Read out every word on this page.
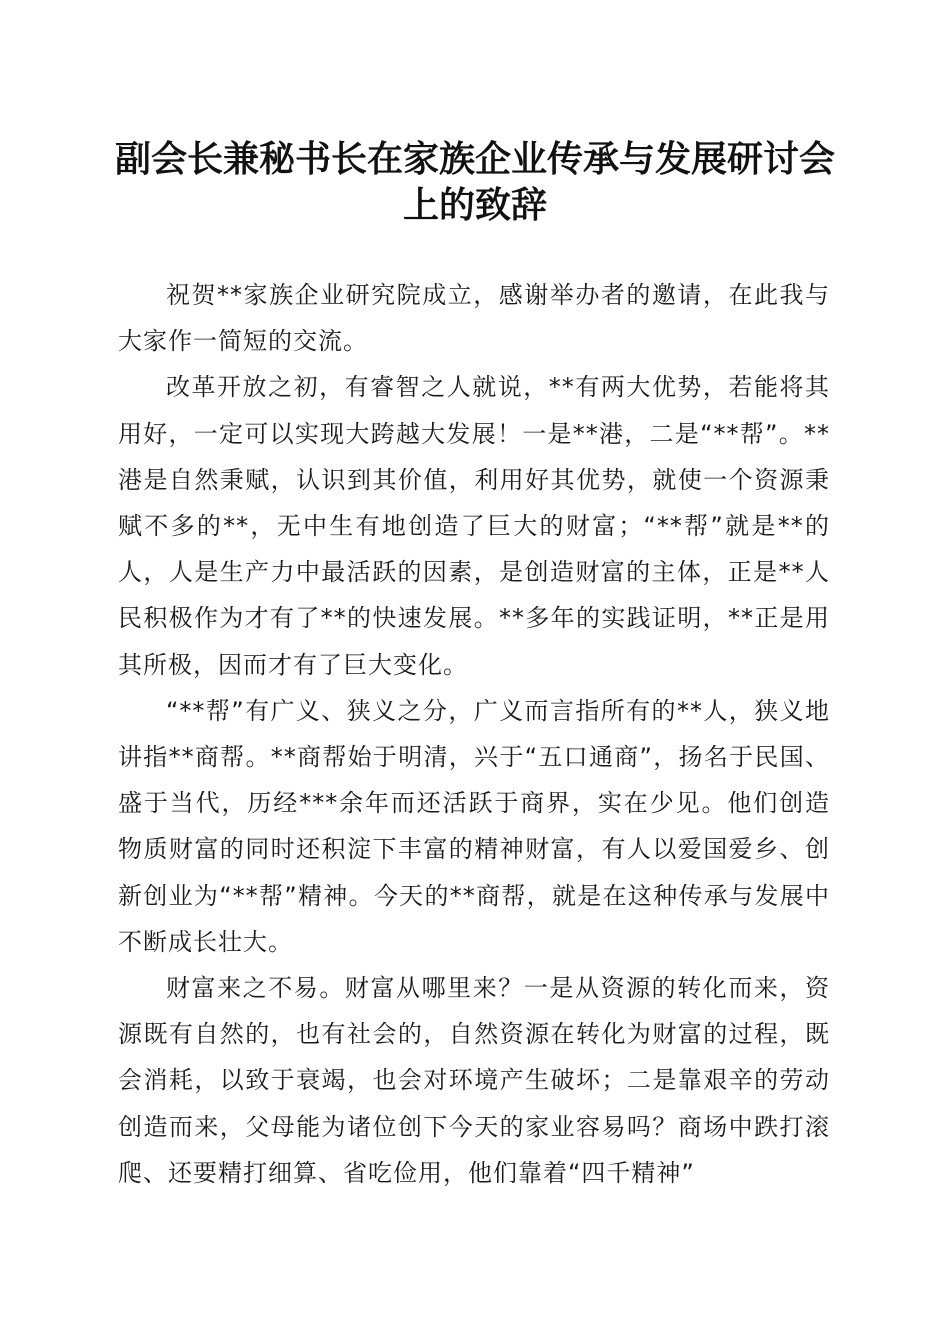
副会长兼秘书长在家族企业传承与发展研讨会上的致辞

祝贺**家族企业研究院成立，感谢举办者的邀请，在此我与大家作一简短的交流。

改革开放之初，有睿智之人就说，**有两大优势，若能将其用好，一定可以实现大跨越大发展！一是**港，二是“**帮”。**港是自然秉赋，认识到其价值，利用好其优势，就使一个资源秉赋不多的**，无中生有地创造了巨大的财富；“**帮”就是**的人，人是生产力中最活跃的因素，是创造财富的主体，正是**人民积极作为才有了**的快速发展。**多年的实践证明，**正是用其所极，因而才有了巨大变化。

“**帮”有广义、狭义之分，广义而言指所有的**人，狭义地讲指**商帮。**商帮始于明清，兴于“五口通商”，扬名于民国、盛于当代，历经***余年而还活跃于商界，实在少见。他们创造物质财富的同时还积淀下丰富的精神财富，有人以爱国爱乡、创新创业为“**帮”精神。今天的**商帮，就是在这种传承与发展中不断成长壮大。

财富来之不易。财富从哪里来？一是从资源的转化而来，资源既有自然的，也有社会的，自然资源在转化为财富的过程，既会消耗，以致于衰竭，也会对环境产生破坏；二是靠艰辛的劳动创造而来，父母能为诸位创下今天的家业容易吗？商场中跌打滚爬、还要精打细算、省吃俭用，他们靠着“四千精神”
